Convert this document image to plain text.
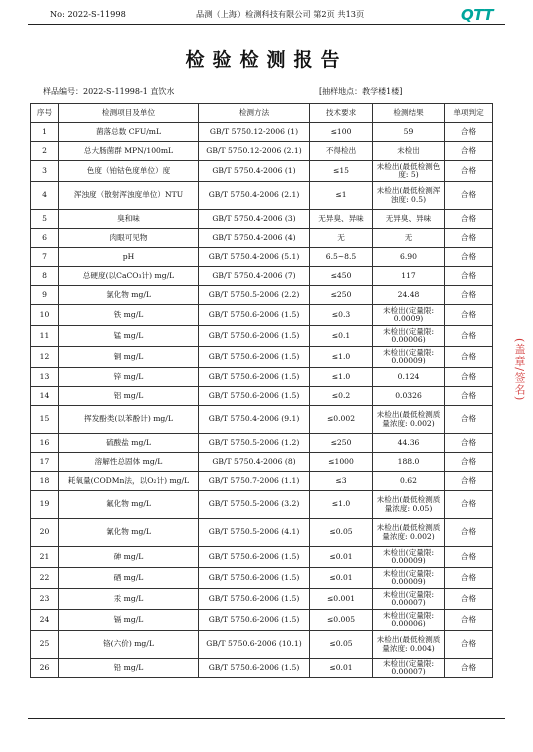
No: 2022-S-11998	品测（上海）检测科技有限公司 第2页 共13页	QTT
检验检测报告
样品编号：2022-S-11998-1 直饮水	[抽样地点：教学楼1楼]
序号	检测项目及单位	检测方法	技术要求	检测结果	单项判定
1	菌落总数 CFU/mL	GB/T 5750.12-2006 (1)	≤100	59	合格
2	总大肠菌群 MPN/100mL	GB/T 5750.12-2006 (2.1)	不得检出	未检出	合格
3	色度（铂钴色度单位）度	GB/T 5750.4-2006 (1)	≤15	未检出(最低检测色度: 5)	合格
4	浑浊度（散射浑浊度单位）NTU	GB/T 5750.4-2006 (2.1)	≤1	未检出(最低检测浑浊度: 0.5)	合格
5	臭和味	GB/T 5750.4-2006 (3)	无异臭、异味	无异臭、异味	合格
6	肉眼可见物	GB/T 5750.4-2006 (4)	无	无	合格
7	pH	GB/T 5750.4-2006 (5.1)	6.5~8.5	6.90	合格
8	总硬度(以CaCO₃计) mg/L	GB/T 5750.4-2006 (7)	≤450	117	合格
9	氯化物 mg/L	GB/T 5750.5-2006 (2.2)	≤250	24.48	合格
10	铁 mg/L	GB/T 5750.6-2006 (1.5)	≤0.3	未检出(定量限: 0.0009)	合格
11	锰 mg/L	GB/T 5750.6-2006 (1.5)	≤0.1	未检出(定量限: 0.00006)	合格
12	铜 mg/L	GB/T 5750.6-2006 (1.5)	≤1.0	未检出(定量限: 0.00009)	合格
13	锌 mg/L	GB/T 5750.6-2006 (1.5)	≤1.0	0.124	合格
14	铝 mg/L	GB/T 5750.6-2006 (1.5)	≤0.2	0.0326	合格
15	挥发酚类(以苯酚计) mg/L	GB/T 5750.4-2006 (9.1)	≤0.002	未检出(最低检测质量浓度: 0.002)	合格
16	硫酸盐 mg/L	GB/T 5750.5-2006 (1.2)	≤250	44.36	合格
17	溶解性总固体 mg/L	GB/T 5750.4-2006 (8)	≤1000	188.0	合格
18	耗氧量(CODMn法，以O₂计) mg/L	GB/T 5750.7-2006 (1.1)	≤3	0.62	合格
19	氟化物 mg/L	GB/T 5750.5-2006 (3.2)	≤1.0	未检出(最低检测质量浓度: 0.05)	合格
20	氰化物 mg/L	GB/T 5750.5-2006 (4.1)	≤0.05	未检出(最低检测质量浓度: 0.002)	合格
21	砷 mg/L	GB/T 5750.6-2006 (1.5)	≤0.01	未检出(定量限: 0.00009)	合格
22	硒 mg/L	GB/T 5750.6-2006 (1.5)	≤0.01	未检出(定量限: 0.00009)	合格
23	汞 mg/L	GB/T 5750.6-2006 (1.5)	≤0.001	未检出(定量限: 0.00007)	合格
24	镉 mg/L	GB/T 5750.6-2006 (1.5)	≤0.005	未检出(定量限: 0.00006)	合格
25	铬(六价) mg/L	GB/T 5750.6-2006 (10.1)	≤0.05	未检出(最低检测质量浓度: 0.004)	合格
26	铅 mg/L	GB/T 5750.6-2006 (1.5)	≤0.01	未检出(定量限: 0.00007)	合格
(盖章/签名)
